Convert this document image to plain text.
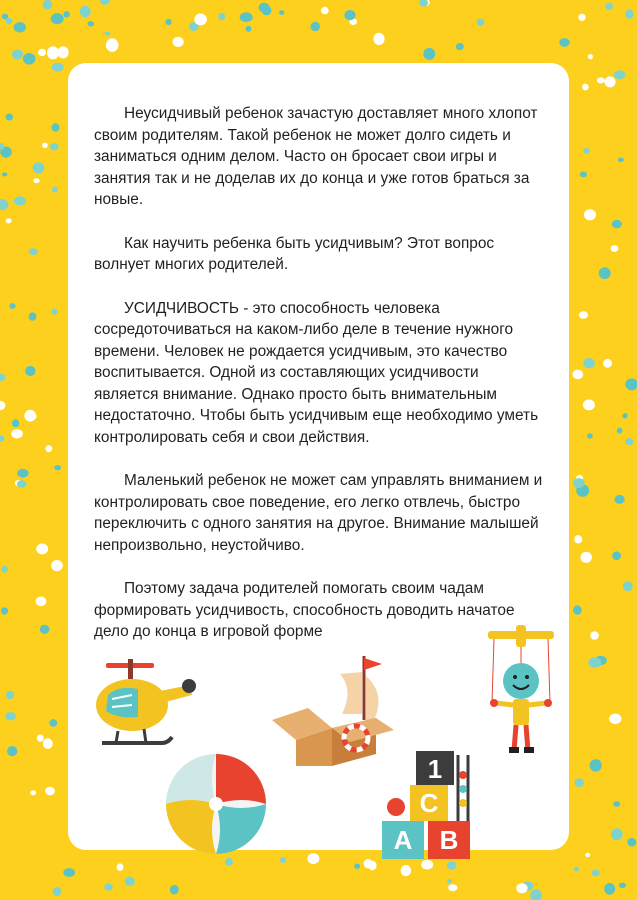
Неусидчивый ребенок зачастую доставляет много хлопот своим родителям. Такой ребенок не может долго сидеть и заниматься одним делом. Часто он бросает свои игры и занятия так и не доделав их до конца и уже готов браться за новые.

Как научить ребенка быть усидчивым? Этот вопрос волнует многих родителей.

УСИДЧИВОСТЬ - это способность человека сосредоточиваться на каком-либо деле в течение нужного времени. Человек не рождается усидчивым, это качество воспитывается. Одной из составляющих усидчивости является внимание. Однако просто быть внимательным недостаточно. Чтобы быть усидчивым еще необходимо уметь контролировать себя и свои действия.

Маленький ребенок не может сам управлять вниманием и контролировать свое поведение, его легко отвлечь, быстро переключить с одного занятия на другое. Внимание малышей непроизвольно, неустойчиво.

Поэтому задача родителей помогать своим чадам формировать усидчивость, способность доводить начатое дело до конца в игровой форме

1
C
A B
